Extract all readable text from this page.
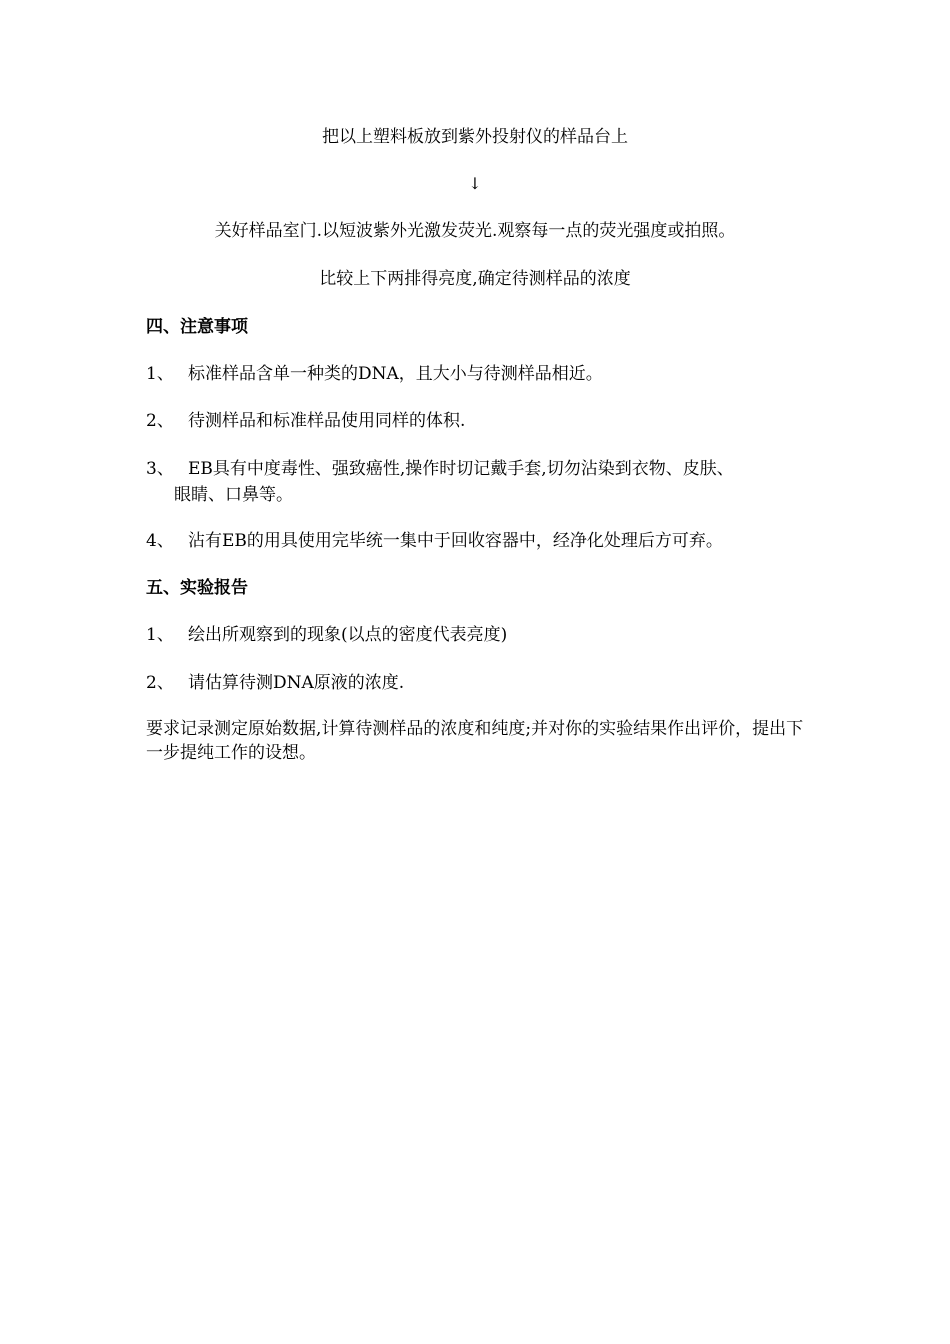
把以上塑料板放到紫外投射仪的样品台上
↓
关好样品室门.以短波紫外光激发荧光.观察每一点的荧光强度或拍照。
比较上下两排得亮度,确定待测样品的浓度
四、注意事项
1、 标准样品含单一种类的DNA，且大小与待测样品相近。
2、 待测样品和标准样品使用同样的体积.
3、 EB具有中度毒性、强致癌性,操作时切记戴手套,切勿沾染到衣物、皮肤、
眼睛、口鼻等。
4、 沾有EB的用具使用完毕统一集中于回收容器中，经净化处理后方可弃。
五、实验报告
1、 绘出所观察到的现象(以点的密度代表亮度)
2、 请估算待测DNA原液的浓度.
要求记录测定原始数据,计算待测样品的浓度和纯度;并对你的实验结果作出评价，提出下一步提纯工作的设想。
